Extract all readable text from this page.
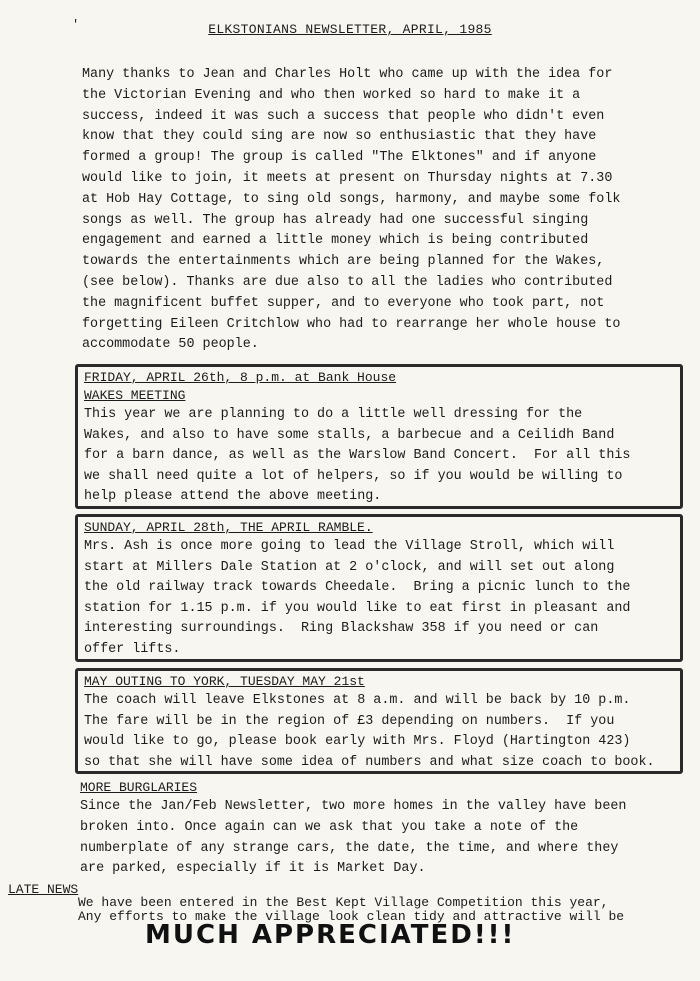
'	ELKSTONIANS NEWSLETTER, APRIL, 1985
Many thanks to Jean and Charles Holt who came up with the idea for
the Victorian Evening and who then worked so hard to make it a
success, indeed it was such a success that people who didn't even
know that they could sing are now so enthusiastic that they have
formed a group! The group is called "The Elktones" and if anyone
would like to join, it meets at present on Thursday nights at 7.30
at Hob Hay Cottage, to sing old songs, harmony, and maybe some folk
songs as well. The group has already had one successful singing
engagement and earned a little money which is being contributed
towards the entertainments which are being planned for the Wakes,
(see below). Thanks are due also to all the ladies who contributed
the magnificent buffet supper, and to everyone who took part, not
forgetting Eileen Critchlow who had to rearrange her whole house to
accommodate 50 people.
FRIDAY, APRIL 26th, 8 p.m. at Bank House
WAKES MEETING
This year we are planning to do a little well dressing for the
Wakes, and also to have some stalls, a barbecue and a Ceilidh Band
for a barn dance, as well as the Warslow Band Concert.  For all this
we shall need quite a lot of helpers, so if you would be willing to
help please attend the above meeting.
SUNDAY, APRIL 28th, THE APRIL RAMBLE.
Mrs. Ash is once more going to lead the Village Stroll, which will
start at Millers Dale Station at 2 o'clock, and will set out along
the old railway track towards Cheedale.  Bring a picnic lunch to the
station for 1.15 p.m. if you would like to eat first in pleasant and
interesting surroundings.  Ring Blackshaw 358 if you need or can
offer lifts.
MAY OUTING TO YORK, TUESDAY MAY 21st
The coach will leave Elkstones at 8 a.m. and will be back by 10 p.m.
The fare will be in the region of £3 depending on numbers.  If you
would like to go, please book early with Mrs. Floyd (Hartington 423)
so that she will have some idea of numbers and what size coach to book.
MORE BURGLARIES
Since the Jan/Feb Newsletter, two more homes in the valley have been
broken into. Once again can we ask that you take a note of the
numberplate of any strange cars, the date, the time, and where they
are parked, especially if it is Market Day.
LATE NEWS
We have been entered in the Best Kept Village Competition this year,
Any efforts to make the village look clean tidy and attractive will be
MUCH APPRECIATED!!!
